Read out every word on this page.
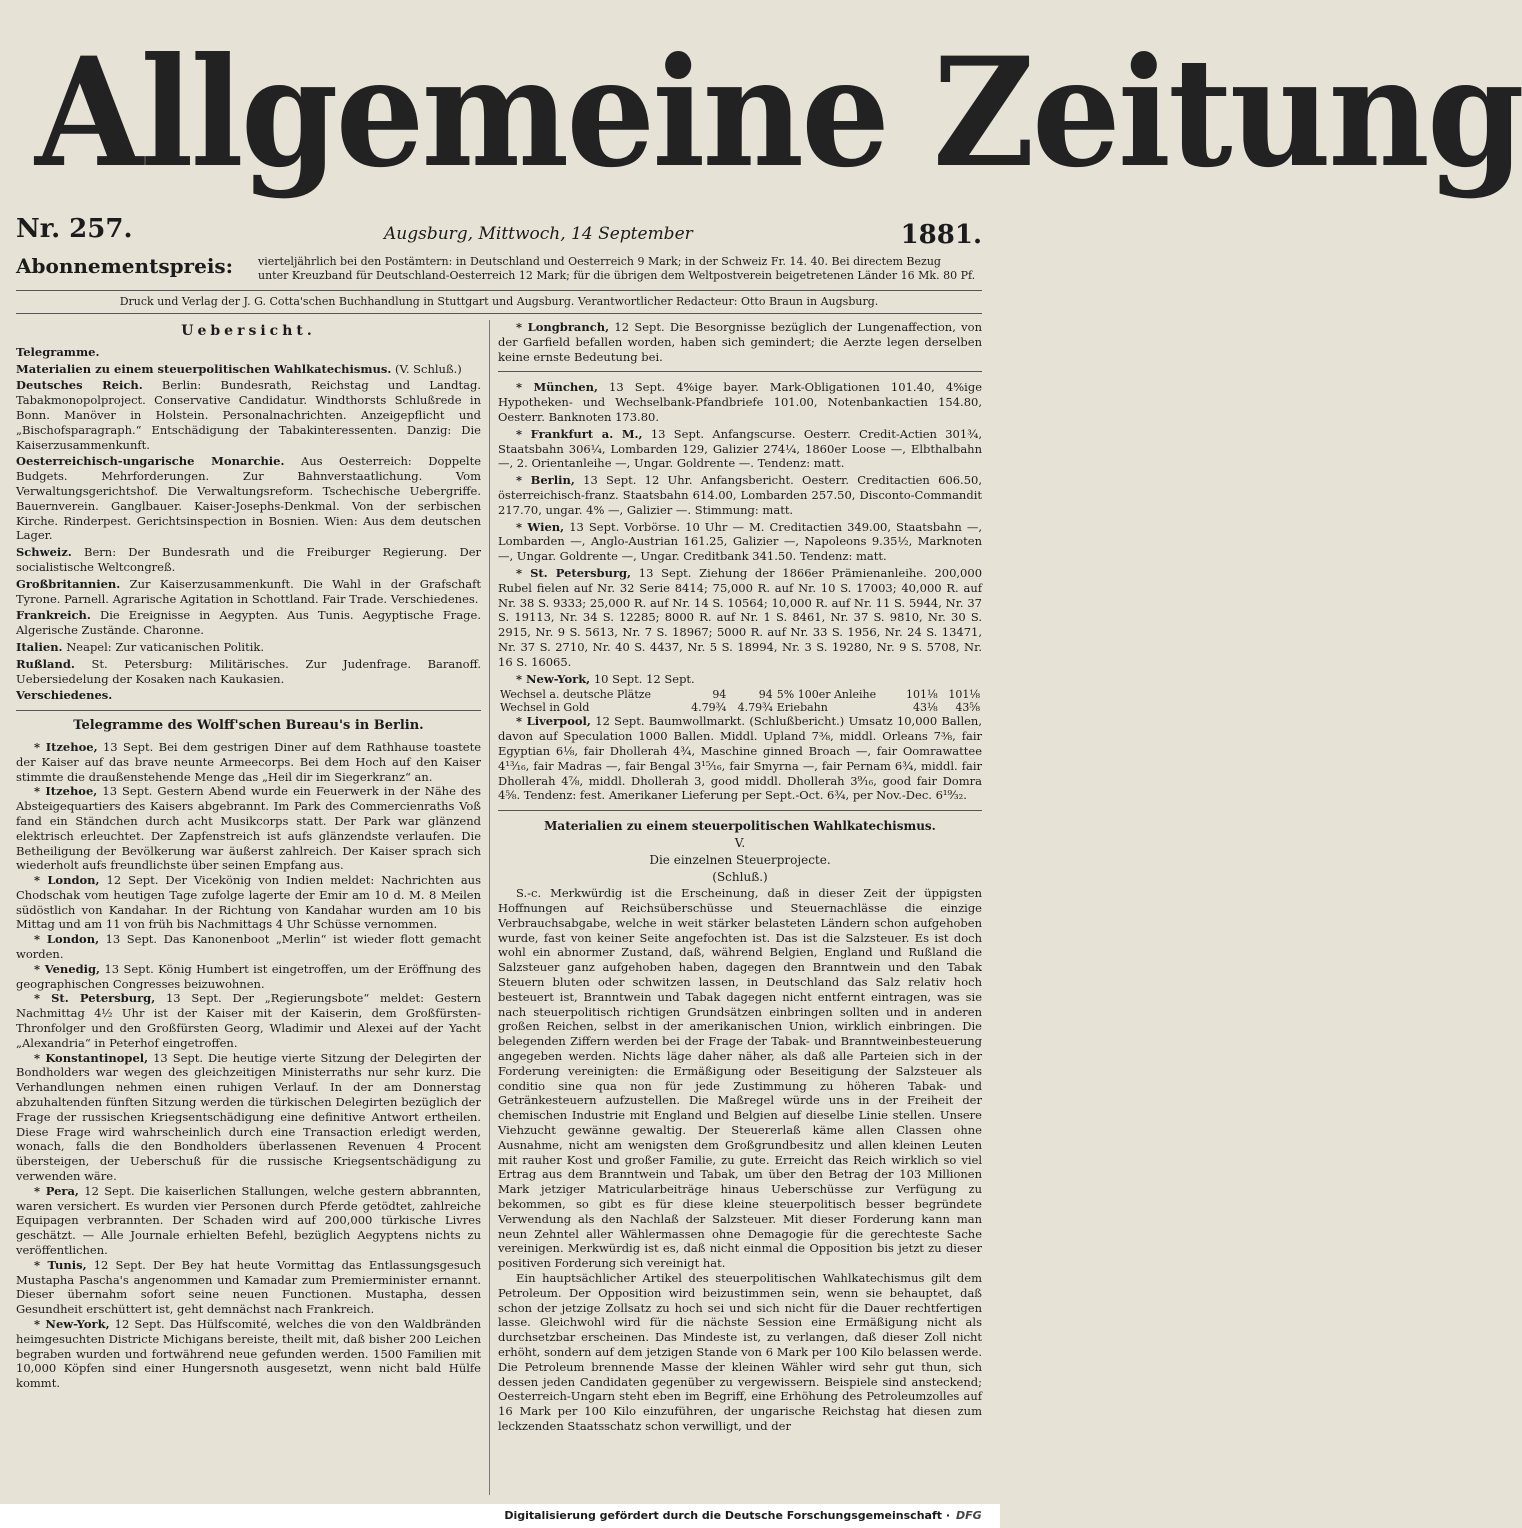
Allgemeine Zeitung
Nr. 257.	Augsburg, Mittwoch, 14 September	1881.
Abonnementspreis: vierteljährlich bei den Postämtern: in Deutschland und Oesterreich 9 Mark; in der Schweiz Fr. 14. 40. Bei directem Bezug
unter Kreuzband für Deutschland-Oesterreich 12 Mark; für die übrigen dem Weltpostverein beigetretenen Länder 16 Mk. 80 Pf.
Druck und Verlag der J. G. Cotta'schen Buchhandlung in Stuttgart und Augsburg. Verantwortlicher Redacteur: Otto Braun in Augsburg.
Uebersicht.
Telegramme.
Materialien zu einem steuerpolitischen Wahlkatechismus. (V. Schluß.)
Deutsches Reich. Berlin: Bundesrath, Reichstag und Landtag. Tabakmonopolproject. Conservative Candidatur. Windthorsts Schlußrede in Bonn. Manöver in Holstein. Personalnachrichten. Anzeigepflicht und „Bischofsparagraph.“ Entschädigung der Tabakinteressenten. Danzig: Die Kaiserzusammenkunft.
Oesterreichisch-ungarische Monarchie. Aus Oesterreich: Doppelte Budgets. Mehrforderungen. Zur Bahnverstaatlichung. Vom Verwaltungsgerichtshof. Die Verwaltungsreform. Tschechische Uebergriffe. Bauernverein. Ganglbauer. Kaiser-Josephs-Denkmal. Von der serbischen Kirche. Rinderpest. Gerichtsinspection in Bosnien. Wien: Aus dem deutschen Lager.
Schweiz. Bern: Der Bundesrath und die Freiburger Regierung. Der socialistische Weltcongreß.
Großbritannien. Zur Kaiserzusammenkunft. Die Wahl in der Grafschaft Tyrone. Parnell. Agrarische Agitation in Schottland. Fair Trade. Verschiedenes.
Frankreich. Die Ereignisse in Aegypten. Aus Tunis. Aegyptische Frage. Algerische Zustände. Charonne.
Italien. Neapel: Zur vaticanischen Politik.
Rußland. St. Petersburg: Militärisches. Zur Judenfrage. Baranoff. Uebersiedelung der Kosaken nach Kaukasien.
Verschiedenes.
Telegramme des Wolff'schen Bureau's in Berlin.

* Itzehoe, 13 Sept. Bei dem gestrigen Diner auf dem Rathhause toastete der Kaiser auf das brave neunte Armeecorps. Bei dem Hoch auf den Kaiser stimmte die draußenstehende Menge das „Heil dir im Siegerkranz“ an.

* Itzehoe, 13 Sept. Gestern Abend wurde ein Feuerwerk in der Nähe des Absteigequartiers des Kaisers abgebrannt. Im Park des Commercienraths Voß fand ein Ständchen durch acht Musikcorps statt. Der Park war glänzend elektrisch erleuchtet. Der Zapfenstreich ist aufs glänzendste verlaufen. Die Betheiligung der Bevölkerung war äußerst zahlreich. Der Kaiser sprach sich wiederholt aufs freundlichste über seinen Empfang aus.

* London, 12 Sept. Der Vicekönig von Indien meldet: Nachrichten aus Chodschak vom heutigen Tage zufolge lagerte der Emir am 10 d. M. 8 Meilen südöstlich von Kandahar. In der Richtung von Kandahar wurden am 10 bis Mittag und am 11 von früh bis Nachmittags 4 Uhr Schüsse vernommen.

* London, 13 Sept. Das Kanonenboot „Merlin“ ist wieder flott gemacht worden.

* Venedig, 13 Sept. König Humbert ist eingetroffen, um der Eröffnung des geographischen Congresses beizuwohnen.

* St. Petersburg, 13 Sept. Der „Regierungsbote“ meldet: Gestern Nachmittag 4½ Uhr ist der Kaiser mit der Kaiserin, dem Großfürsten-Thronfolger und den Großfürsten Georg, Wladimir und Alexei auf der Yacht „Alexandria“ in Peterhof eingetroffen.

* Konstantinopel, 13 Sept. Die heutige vierte Sitzung der Delegirten der Bondholders war wegen des gleichzeitigen Ministerraths nur sehr kurz. Die Verhandlungen nehmen einen ruhigen Verlauf. In der am Donnerstag abzuhaltenden fünften Sitzung werden die türkischen Delegirten bezüglich der Frage der russischen Kriegsentschädigung eine definitive Antwort ertheilen. Diese Frage wird wahrscheinlich durch eine Transaction erledigt werden, wonach, falls die den Bondholders überlassenen Revenuen 4 Procent übersteigen, der Ueberschuß für die russische Kriegsentschädigung zu verwenden wäre.

* Pera, 12 Sept. Die kaiserlichen Stallungen, welche gestern abbrannten, waren versichert. Es wurden vier Personen durch Pferde getödtet, zahlreiche Equipagen verbrannten. Der Schaden wird auf 200,000 türkische Livres geschätzt. — Alle Journale erhielten Befehl, bezüglich Aegyptens nichts zu veröffentlichen.

* Tunis, 12 Sept. Der Bey hat heute Vormittag das Entlassungsgesuch Mustapha Pascha's angenommen und Kamadar zum Premierminister ernannt. Dieser übernahm sofort seine neuen Functionen. Mustapha, dessen Gesundheit erschüttert ist, geht demnächst nach Frankreich.

* New-York, 12 Sept. Das Hülfscomité, welches die von den Waldbränden heimgesuchten Districte Michigans bereiste, theilt mit, daß bisher 200 Leichen begraben wurden und fortwährend neue gefunden werden. 1500 Familien mit 10,000 Köpfen sind einer Hungersnoth ausgesetzt, wenn nicht bald Hülfe kommt.

* Longbranch, 12 Sept. Die Besorgnisse bezüglich der Lungenaffection, von der Garfield befallen worden, haben sich gemindert; die Aerzte legen derselben keine ernste Bedeutung bei.

* München, 13 Sept. 4%ige bayer. Mark-Obligationen 101.40, 4%ige Hypotheken- und Wechselbank-Pfandbriefe 101.00, Notenbankactien 154.80, Oesterr. Banknoten 173.80.

* Frankfurt a. M., 13 Sept. Anfangscurse. Oesterr. Credit-Actien 301¾, Staatsbahn 306¼, Lombarden 129, Galizier 274¼, 1860er Loose —, Elbthalbahn —, 2. Orientanleihe —, Ungar. Goldrente —. Tendenz: matt.

* Berlin, 13 Sept. 12 Uhr. Anfangsbericht. Oesterr. Creditactien 606.50, österreichisch-franz. Staatsbahn 614.00, Lombarden 257.50, Disconto-Commandit 217.70, ungar. 4% —, Galizier —. Stimmung: matt.

* Wien, 13 Sept. Vorbörse. 10 Uhr — M. Creditactien 349.00, Staatsbahn —, Lombarden —, Anglo-Austrian 161.25, Galizier —, Napoleons 9.35½, Marknoten —, Ungar. Goldrente —, Ungar. Creditbank 341.50. Tendenz: matt.

* St. Petersburg, 13 Sept. Ziehung der 1866er Prämienanleihe. 200,000 Rubel fielen auf Nr. 32 Serie 8414; 75,000 R. auf Nr. 10 S. 17003; 40,000 R. auf Nr. 38 S. 9333; 25,000 R. auf Nr. 14 S. 10564; 10,000 R. auf Nr. 11 S. 5944, Nr. 37 S. 19113, Nr. 34 S. 12285; 8000 R. auf Nr. 1 S. 8461, Nr. 37 S. 9810, Nr. 30 S. 2915, Nr. 9 S. 5613, Nr. 7 S. 18967; 5000 R. auf Nr. 33 S. 1956, Nr. 24 S. 13471, Nr. 37 S. 2710, Nr. 40 S. 4437, Nr. 5 S. 18994, Nr. 3 S. 19280, Nr. 9 S. 5708, Nr. 16 S. 16065.

* New-York, 10 Sept. 12 Sept.

Wechsel a. deutsche Plätze	94	94	5% 100er Anleihe	101⅛	101⅛
Wechsel in Gold	4.79¾	4.79¾	Eriebahn	43⅛	43⅝

* Liverpool, 12 Sept. Baumwollmarkt. (Schlußbericht.) Umsatz 10,000 Ballen, davon auf Speculation 1000 Ballen. Middl. Upland 7⅜, middl. Orleans 7⅜, fair Egyptian 6⅛, fair Dhollerah 4¾, Maschine ginned Broach —, fair Oomrawattee 4¹³⁄₁₆, fair Madras —, fair Bengal 3¹⁵⁄₁₆, fair Smyrna —, fair Pernam 6¾, middl. fair Dhollerah 4⅞, middl. Dhollerah 3, good middl. Dhollerah 3⁹⁄₁₆, good fair Domra 4⅝. Tendenz: fest. Amerikaner Lieferung per Sept.-Oct. 6¾, per Nov.-Dec. 6¹⁹⁄₃₂.

Materialien zu einem steuerpolitischen Wahlkatechismus.
V.
Die einzelnen Steuerprojecte.
(Schluß.)

S.-c. Merkwürdig ist die Erscheinung, daß in dieser Zeit der üppigsten Hoffnungen auf Reichsüberschüsse und Steuernachlässe die einzige Verbrauchsabgabe, welche in weit stärker belasteten Ländern schon aufgehoben wurde, fast von keiner Seite angefochten ist. Das ist die Salzsteuer. Es ist doch wohl ein abnormer Zustand, daß, während Belgien, England und Rußland die Salzsteuer ganz aufgehoben haben, dagegen den Branntwein und den Tabak Steuern bluten oder schwitzen lassen, in Deutschland das Salz relativ hoch besteuert ist, Branntwein und Tabak dagegen nicht entfernt eintragen, was sie nach steuerpolitisch richtigen Grundsätzen einbringen sollten und in anderen großen Reichen, selbst in der amerikanischen Union, wirklich einbringen. Die belegenden Ziffern werden bei der Frage der Tabak- und Branntweinbesteuerung angegeben werden. Nichts läge daher näher, als daß alle Parteien sich in der Forderung vereinigten: die Ermäßigung oder Beseitigung der Salzsteuer als conditio sine qua non für jede Zustimmung zu höheren Tabak- und Getränkesteuern aufzustellen. Die Maßregel würde uns in der Freiheit der chemischen Industrie mit England und Belgien auf dieselbe Linie stellen. Unsere Viehzucht gewänne gewaltig. Der Steuererlaß käme allen Classen ohne Ausnahme, nicht am wenigsten dem Großgrundbesitz und allen kleinen Leuten mit rauher Kost und großer Familie, zu gute. Erreicht das Reich wirklich so viel Ertrag aus dem Branntwein und Tabak, um über den Betrag der 103 Millionen Mark jetziger Matricularbeiträge hinaus Ueberschüsse zur Verfügung zu bekommen, so gibt es für diese kleine steuerpolitisch besser begründete Verwendung als den Nachlaß der Salzsteuer. Mit dieser Forderung kann man neun Zehntel aller Wählermassen ohne Demagogie für die gerechteste Sache vereinigen. Merkwürdig ist es, daß nicht einmal die Opposition bis jetzt zu dieser positiven Forderung sich vereinigt hat.

Ein hauptsächlicher Artikel des steuerpolitischen Wahlkatechismus gilt dem Petroleum. Der Opposition wird beizustimmen sein, wenn sie behauptet, daß schon der jetzige Zollsatz zu hoch sei und sich nicht für die Dauer rechtfertigen lasse. Gleichwohl wird für die nächste Session eine Ermäßigung nicht als durchsetzbar erscheinen. Das Mindeste ist, zu verlangen, daß dieser Zoll nicht erhöht, sondern auf dem jetzigen Stande von 6 Mark per 100 Kilo belassen werde. Die Petroleum brennende Masse der kleinen Wähler wird sehr gut thun, sich dessen jeden Candidaten gegenüber zu vergewissern. Beispiele sind ansteckend; Oesterreich-Ungarn steht eben im Begriff, eine Erhöhung des Petroleumzolles auf 16 Mark per 100 Kilo einzuführen, der ungarische Reichstag hat diesen zum leckzenden Staatsschatz schon verwilligt, und der

Digitalisierung gefördert durch die Deutsche Forschungsgemeinschaft · DFG
